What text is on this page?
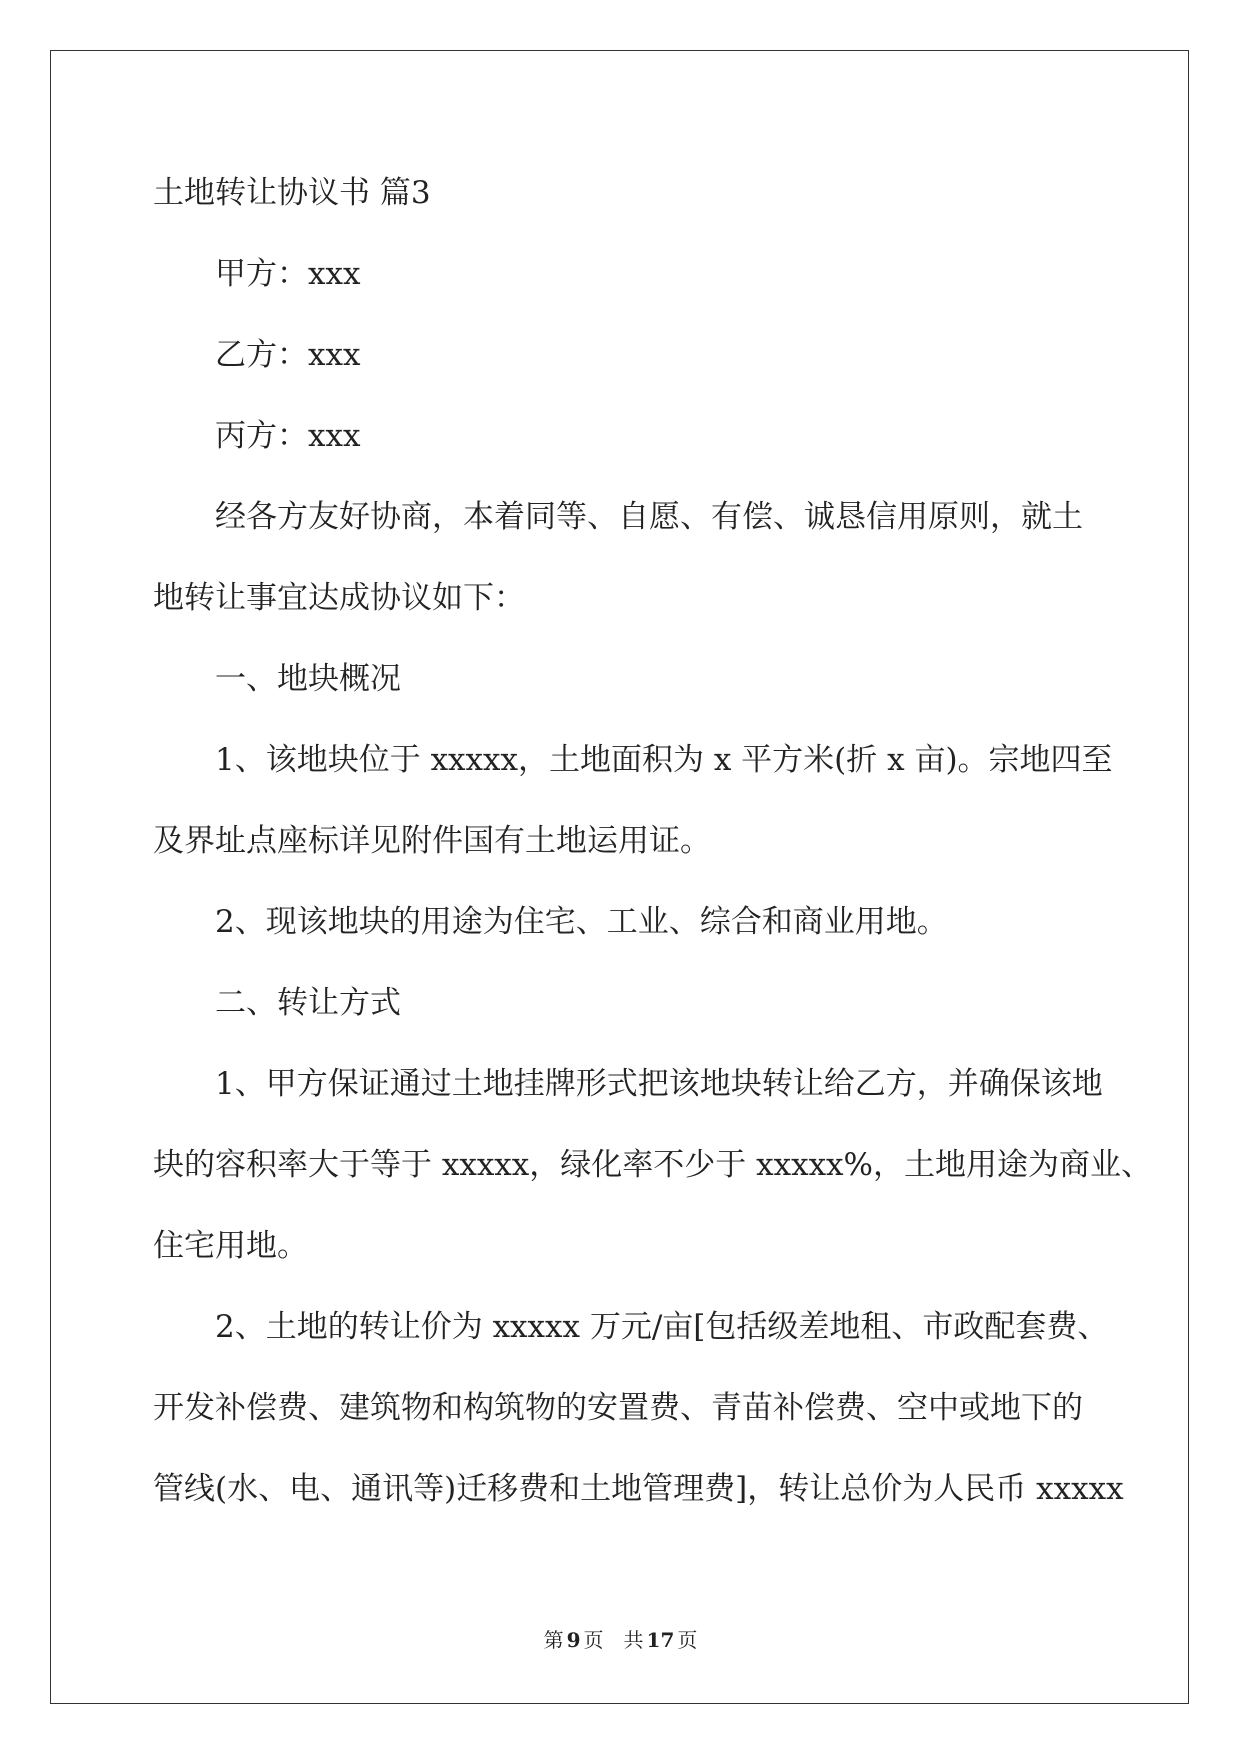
土地转让协议书 篇3
甲方：xxx
乙方：xxx
丙方：xxx
经各方友好协商，本着同等、自愿、有偿、诚恳信用原则，就土
地转让事宜达成协议如下：
一、地块概况
1、该地块位于 xxxxx，土地面积为 x 平方米(折 x 亩)。宗地四至
及界址点座标详见附件国有土地运用证。
2、现该地块的用途为住宅、工业、综合和商业用地。
二、转让方式
1、甲方保证通过土地挂牌形式把该地块转让给乙方，并确保该地
块的容积率大于等于 xxxxx，绿化率不少于 xxxxx%，土地用途为商业、
住宅用地。
2、土地的转让价为 xxxxx 万元/亩[包括级差地租、市政配套费、
开发补偿费、建筑物和构筑物的安置费、青苗补偿费、空中或地下的
管线(水、电、通讯等)迁移费和土地管理费]，转让总价为人民币 xxxxx
第 9 页 共 17 页
